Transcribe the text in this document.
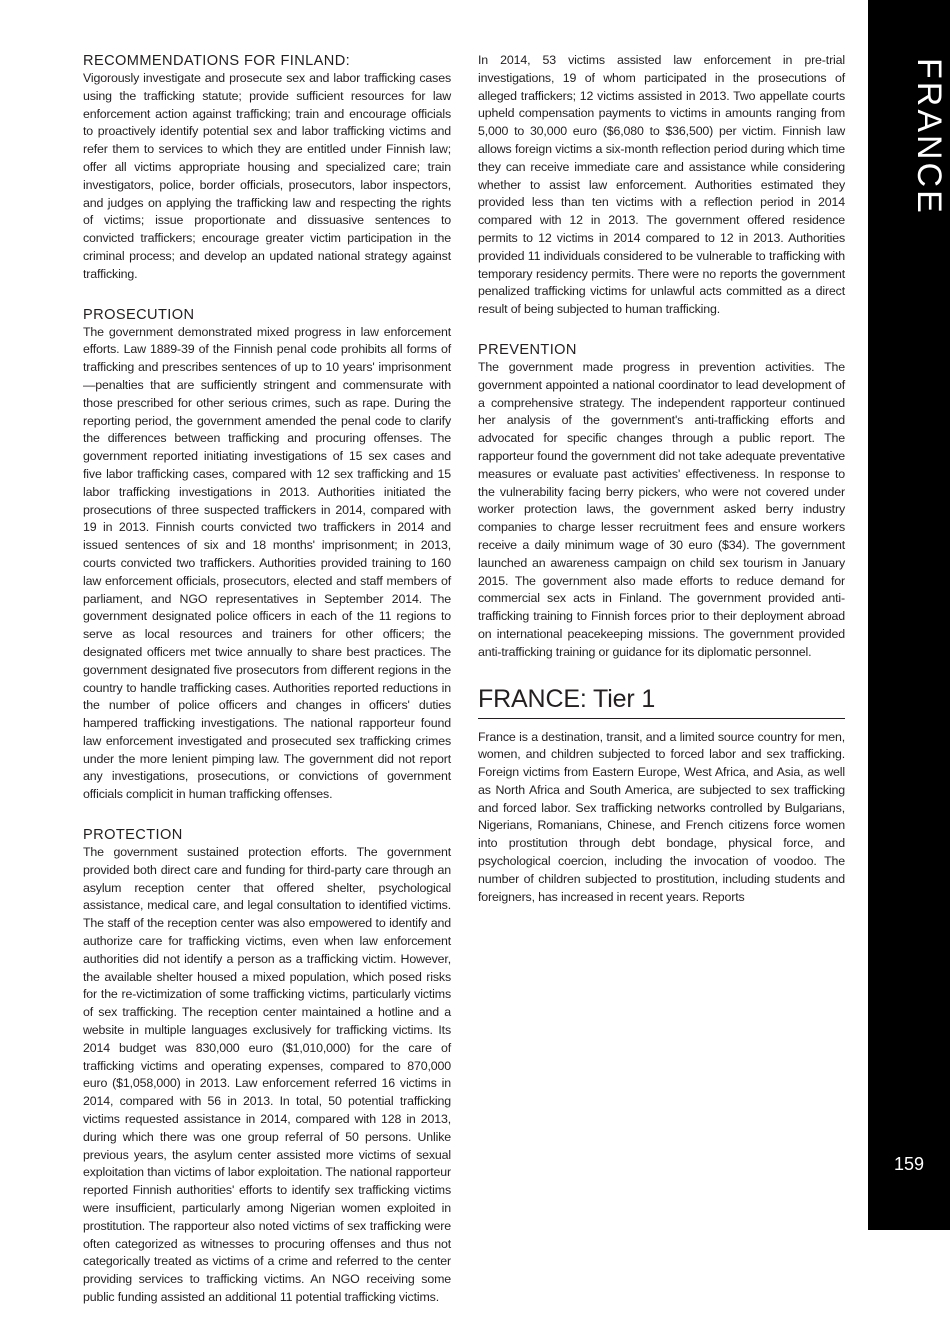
RECOMMENDATIONS FOR FINLAND:

Vigorously investigate and prosecute sex and labor trafficking cases using the trafficking statute; provide sufficient resources for law enforcement action against trafficking; train and encourage officials to proactively identify potential sex and labor trafficking victims and refer them to services to which they are entitled under Finnish law; offer all victims appropriate housing and specialized care; train investigators, police, border officials, prosecutors, labor inspectors, and judges on applying the trafficking law and respecting the rights of victims; issue proportionate and dissuasive sentences to convicted traffickers; encourage greater victim participation in the criminal process; and develop an updated national strategy against trafficking.

PROSECUTION

The government demonstrated mixed progress in law enforcement efforts. Law 1889-39 of the Finnish penal code prohibits all forms of trafficking and prescribes sentences of up to 10 years' imprisonment—penalties that are sufficiently stringent and commensurate with those prescribed for other serious crimes, such as rape. During the reporting period, the government amended the penal code to clarify the differences between trafficking and procuring offenses. The government reported initiating investigations of 15 sex cases and five labor trafficking cases, compared with 12 sex trafficking and 15 labor trafficking investigations in 2013. Authorities initiated the prosecutions of three suspected traffickers in 2014, compared with 19 in 2013. Finnish courts convicted two traffickers in 2014 and issued sentences of six and 18 months' imprisonment; in 2013, courts convicted two traffickers. Authorities provided training to 160 law enforcement officials, prosecutors, elected and staff members of parliament, and NGO representatives in September 2014. The government designated police officers in each of the 11 regions to serve as local resources and trainers for other officers; the designated officers met twice annually to share best practices. The government designated five prosecutors from different regions in the country to handle trafficking cases. Authorities reported reductions in the number of police officers and changes in officers' duties hampered trafficking investigations. The national rapporteur found law enforcement investigated and prosecuted sex trafficking crimes under the more lenient pimping law. The government did not report any investigations, prosecutions, or convictions of government officials complicit in human trafficking offenses.

PROTECTION

The government sustained protection efforts. The government provided both direct care and funding for third-party care through an asylum reception center that offered shelter, psychological assistance, medical care, and legal consultation to identified victims. The staff of the reception center was also empowered to identify and authorize care for trafficking victims, even when law enforcement authorities did not identify a person as a trafficking victim. However, the available shelter housed a mixed population, which posed risks for the re-victimization of some trafficking victims, particularly victims of sex trafficking. The reception center maintained a hotline and a website in multiple languages exclusively for trafficking victims. Its 2014 budget was 830,000 euro ($1,010,000) for the care of trafficking victims and operating expenses, compared to 870,000 euro ($1,058,000) in 2013. Law enforcement referred 16 victims in 2014, compared with 56 in 2013. In total, 50 potential trafficking victims requested assistance in 2014, compared with 128 in 2013, during which there was one group referral of 50 persons. Unlike previous years, the asylum center assisted more victims of sexual exploitation than victims of labor exploitation. The national rapporteur reported Finnish authorities' efforts to identify sex trafficking victims were insufficient, particularly among Nigerian women exploited in prostitution. The rapporteur also noted victims of sex trafficking were often categorized as witnesses to procuring offenses and thus not categorically treated as victims of a crime and referred to the center providing services to trafficking victims. An NGO receiving some public funding assisted an additional 11 potential trafficking victims.

In 2014, 53 victims assisted law enforcement in pre-trial investigations, 19 of whom participated in the prosecutions of alleged traffickers; 12 victims assisted in 2013. Two appellate courts upheld compensation payments to victims in amounts ranging from 5,000 to 30,000 euro ($6,080 to $36,500) per victim. Finnish law allows foreign victims a six-month reflection period during which time they can receive immediate care and assistance while considering whether to assist law enforcement. Authorities estimated they provided less than ten victims with a reflection period in 2014 compared with 12 in 2013. The government offered residence permits to 12 victims in 2014 compared to 12 in 2013. Authorities provided 11 individuals considered to be vulnerable to trafficking with temporary residency permits. There were no reports the government penalized trafficking victims for unlawful acts committed as a direct result of being subjected to human trafficking.

PREVENTION

The government made progress in prevention activities. The government appointed a national coordinator to lead development of a comprehensive strategy. The independent rapporteur continued her analysis of the government's anti-trafficking efforts and advocated for specific changes through a public report. The rapporteur found the government did not take adequate preventative measures or evaluate past activities' effectiveness. In response to the vulnerability facing berry pickers, who were not covered under worker protection laws, the government asked berry industry companies to charge lesser recruitment fees and ensure workers receive a daily minimum wage of 30 euro ($34). The government launched an awareness campaign on child sex tourism in January 2015. The government also made efforts to reduce demand for commercial sex acts in Finland. The government provided anti-trafficking training to Finnish forces prior to their deployment abroad on international peacekeeping missions. The government provided anti-trafficking training or guidance for its diplomatic personnel.

FRANCE: Tier 1

France is a destination, transit, and a limited source country for men, women, and children subjected to forced labor and sex trafficking. Foreign victims from Eastern Europe, West Africa, and Asia, as well as North Africa and South America, are subjected to sex trafficking and forced labor. Sex trafficking networks controlled by Bulgarians, Nigerians, Romanians, Chinese, and French citizens force women into prostitution through debt bondage, physical force, and psychological coercion, including the invocation of voodoo. The number of children subjected to prostitution, including students and foreigners, has increased in recent years. Reports

FRANCE
159
